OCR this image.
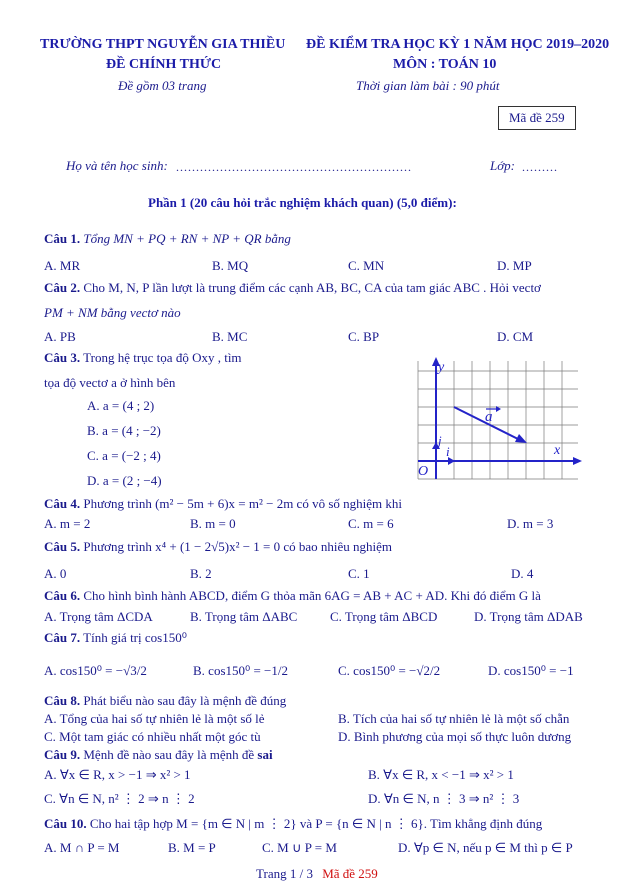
TRƯỜNG THPT NGUYỄN GIA THIỀU
ĐỀ CHÍNH THỨC
Đề gồm 03 trang
ĐỀ KIỂM TRA HỌC KỲ 1 NĂM HỌC 2019–2020
MÔN : TOÁN 10
Thời gian làm bài : 90 phút
Mã đề 259
Họ và tên học sinh: ...........................................................	Lớp: .........
Phần 1 (20 câu hỏi trắc nghiệm khách quan) (5,0 điểm):
Câu 1. Tổng MN + PQ + RN + NP + QR bằng
A. MR	B. MQ	C. MN	D. MP
Câu 2. Cho M, N, P lần lượt là trung điểm các cạnh AB, BC, CA của tam giác ABC . Hỏi vectơ
PM + NM bằng vectơ nào
A. PB	B. MC	C. BP	D. CM
Câu 3. Trong hệ trục tọa độ Oxy , tìm
tọa độ vectơ a ở hình bên
A. a = (4 ; 2)
B. a = (4 ; −2)
C. a = (−2 ; 4)
D. a = (2 ; −4)
y
x
O
i
j
a
Câu 4. Phương trình (m² − 5m + 6)x = m² − 2m có vô số nghiệm khi
A. m = 2	B. m = 0	C. m = 6	D. m = 3
Câu 5. Phương trình x⁴ + (1 − 2√5)x² − 1 = 0 có bao nhiêu nghiệm
A. 0	B. 2	C. 1	D. 4
Câu 6. Cho hình bình hành ABCD, điểm G thỏa mãn 6AG = AB + AC + AD. Khi đó điểm G là
A. Trọng tâm ΔCDA	B. Trọng tâm ΔABC	C. Trọng tâm ΔBCD	D. Trọng tâm ΔDAB
Câu 7. Tính giá trị cos150⁰
A. cos150⁰ = −√3/2	B. cos150⁰ = −1/2	C. cos150⁰ = −√2/2	D. cos150⁰ = −1
Câu 8. Phát biểu nào sau đây là mệnh đề đúng
A. Tổng của hai số tự nhiên lẻ là một số lẻ	B. Tích của hai số tự nhiên lẻ là một số chẵn
C. Một tam giác có nhiều nhất một góc tù	D. Bình phương của mọi số thực luôn dương
Câu 9. Mệnh đề nào sau đây là mệnh đề sai
A. ∀x ∈ R, x > −1 ⇒ x² > 1	B. ∀x ∈ R, x < −1 ⇒ x² > 1
C. ∀n ∈ N, n² ⋮ 2 ⇒ n ⋮ 2	D. ∀n ∈ N, n ⋮ 3 ⇒ n² ⋮ 3
Câu 10. Cho hai tập hợp M = {m ∈ N | m ⋮ 2} và P = {n ∈ N | n ⋮ 6}. Tìm khẳng định đúng
A. M ∩ P = M	B. M = P	C. M ∪ P = M	D. ∀p ∈ N, nếu p ∈ M thì p ∈ P
Trang 1 / 3 Mã đề 259
